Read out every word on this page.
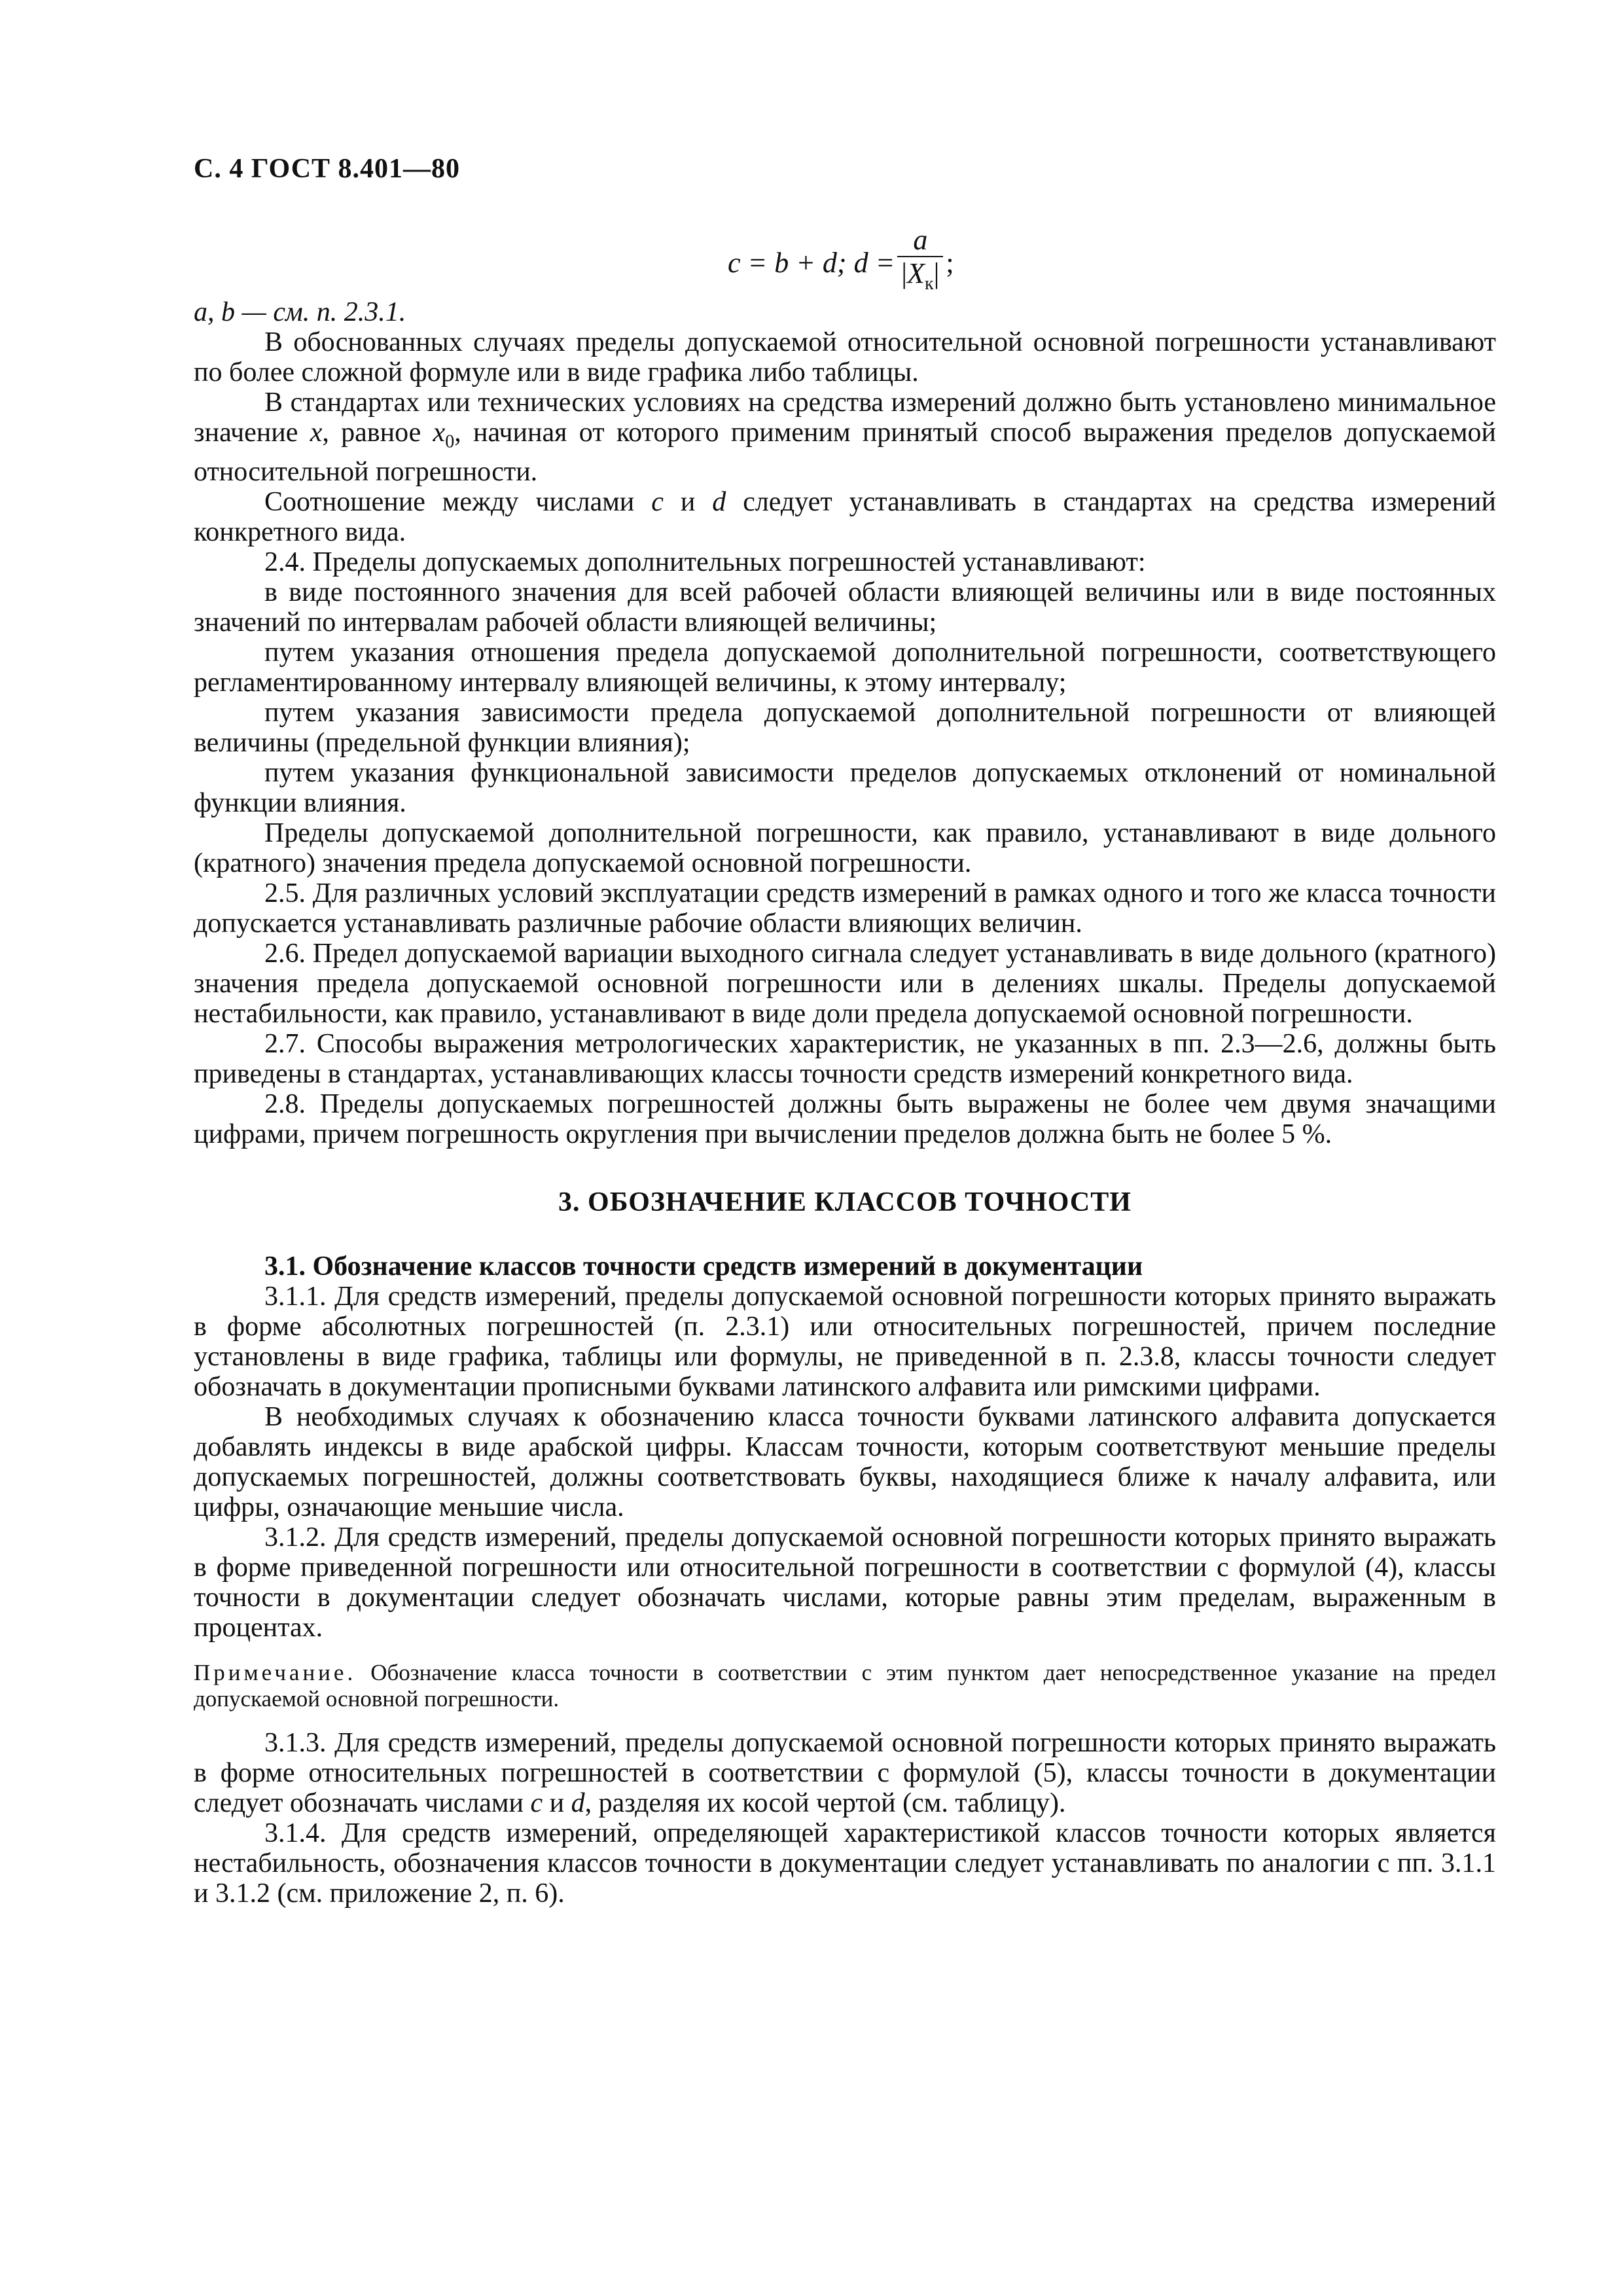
С. 4 ГОСТ 8.401—80
c = b + d;
$d = \frac{a}{|X_к|}$ ;

a, b — см. п. 2.3.1.

В обоснованных случаях пределы допускаемой относительной основной погрешности устанавливают по более сложной формуле или в виде графика либо таблицы.

В стандартах или технических условиях на средства измерений должно быть установлено минимальное значение x, равное $x_0$, начиная от которого применим принятый способ выражения пределов допускаемой относительной погрешности.

Соотношение между числами c и d следует устанавливать в стандартах на средства измерений конкретного вида.

2.4. Пределы допускаемых дополнительных погрешностей устанавливают:

в виде постоянного значения для всей рабочей области влияющей величины или в виде постоянных значений по интервалам рабочей области влияющей величины;

путем указания отношения предела допускаемой дополнительной погрешности, соответствующего регламентированному интервалу влияющей величины, к этому интервалу;

путем указания зависимости предела допускаемой дополнительной погрешности от влияющей величины (предельной функции влияния);

путем указания функциональной зависимости пределов допускаемых отклонений от номинальной функции влияния.

Пределы допускаемой дополнительной погрешности, как правило, устанавливают в виде дольного (кратного) значения предела допускаемой основной погрешности.

2.5. Для различных условий эксплуатации средств измерений в рамках одного и того же класса точности допускается устанавливать различные рабочие области влияющих величин.

2.6. Предел допускаемой вариации выходного сигнала следует устанавливать в виде дольного (кратного) значения предела допускаемой основной погрешности или в делениях шкалы. Пределы допускаемой нестабильности, как правило, устанавливают в виде доли предела допускаемой основной погрешности.

2.7. Способы выражения метрологических характеристик, не указанных в пп. 2.3—2.6, должны быть приведены в стандартах, устанавливающих классы точности средств измерений конкретного вида.

2.8. Пределы допускаемых погрешностей должны быть выражены не более чем двумя значащими цифрами, причем погрешность округления при вычислении пределов должна быть не более 5 %.

3. ОБОЗНАЧЕНИЕ КЛАССОВ ТОЧНОСТИ

3.1. Обозначение классов точности средств измерений в документации

3.1.1. Для средств измерений, пределы допускаемой основной погрешности которых принято выражать в форме абсолютных погрешностей (п. 2.3.1) или относительных погрешностей, причем последние установлены в виде графика, таблицы или формулы, не приведенной в п. 2.3.8, классы точности следует обозначать в документации прописными буквами латинского алфавита или римскими цифрами.

В необходимых случаях к обозначению класса точности буквами латинского алфавита допускается добавлять индексы в виде арабской цифры. Классам точности, которым соответствуют меньшие пределы допускаемых погрешностей, должны соответствовать буквы, находящиеся ближе к началу алфавита, или цифры, означающие меньшие числа.

3.1.2. Для средств измерений, пределы допускаемой основной погрешности которых принято выражать в форме приведенной погрешности или относительной погрешности в соответствии с формулой (4), классы точности в документации следует обозначать числами, которые равны этим пределам, выраженным в процентах.

Примечание. Обозначение класса точности в соответствии с этим пунктом дает непосредственное указание на предел допускаемой основной погрешности.

3.1.3. Для средств измерений, пределы допускаемой основной погрешности которых принято выражать в форме относительных погрешностей в соответствии с формулой (5), классы точности в документации следует обозначать числами c и d, разделяя их косой чертой (см. таблицу).

3.1.4. Для средств измерений, определяющей характеристикой классов точности которых является нестабильность, обозначения классов точности в документации следует устанавливать по аналогии с пп. 3.1.1 и 3.1.2 (см. приложение 2, п. 6).
